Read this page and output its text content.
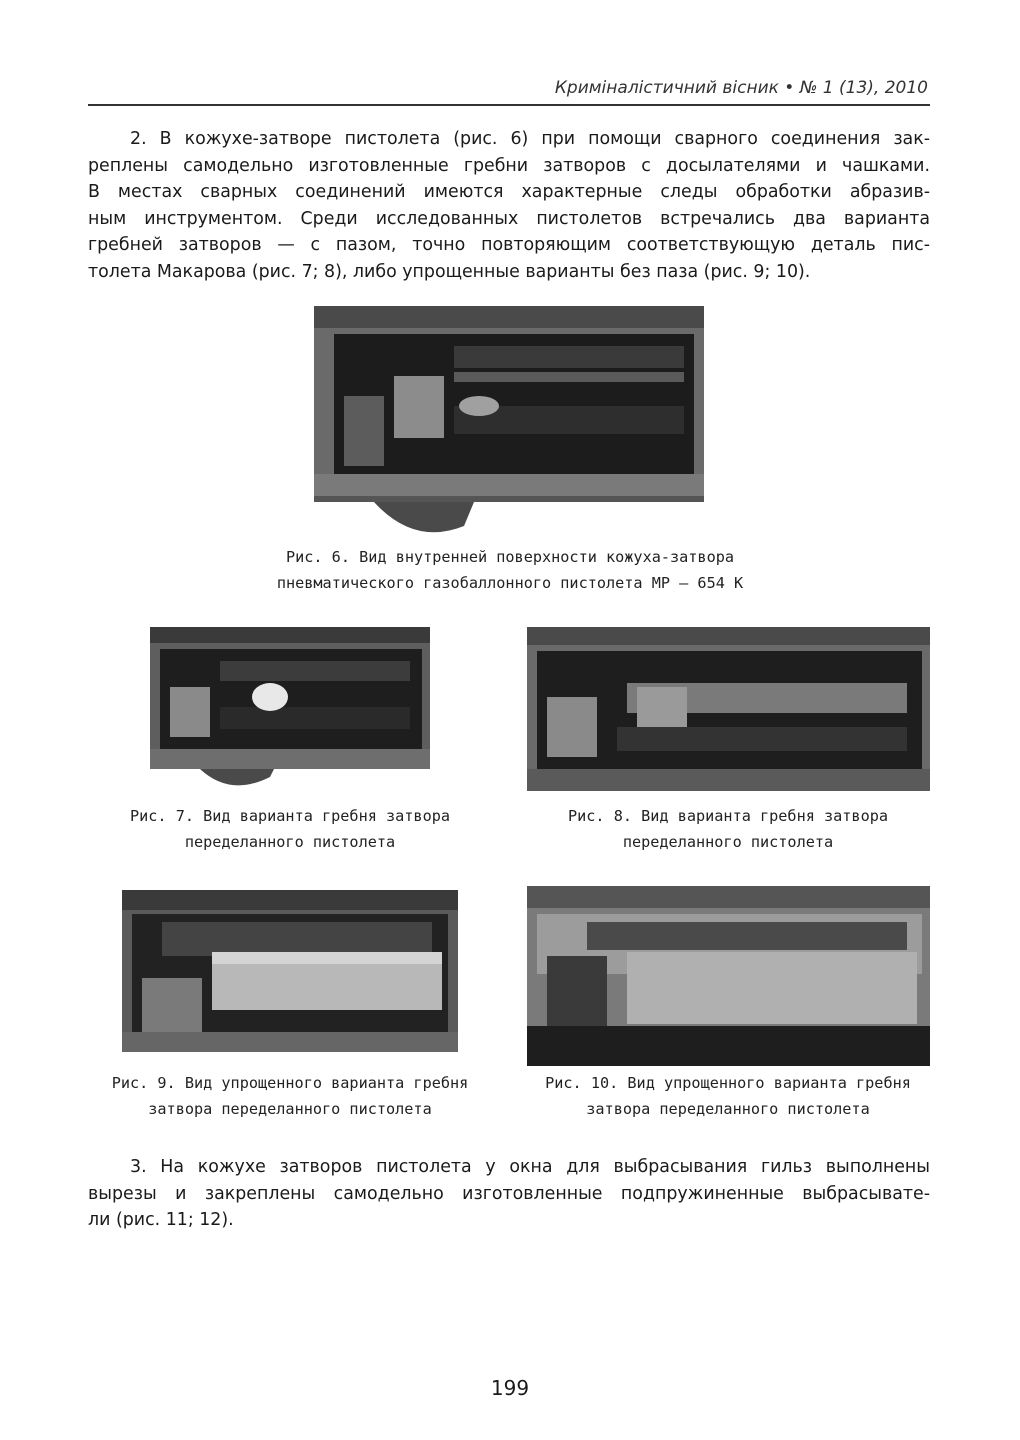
Криміналістичний вісник • № 1 (13), 2010
2. В кожухе-затворе пистолета (рис. 6) при помощи сварного соединения зак-
реплены самодельно изготовленные гребни затворов с досылателями и чашками.
В местах сварных соединений имеются характерные следы обработки абразив-
ным инструментом. Среди исследованных пистолетов встречались два варианта
гребней затворов — с пазом, точно повторяющим соответствующую деталь пис-
толета Макарова (рис. 7; 8), либо упрощенные варианты без паза (рис. 9; 10).
Рис. 6. Вид внутренней поверхности кожуха-затвора
пневматического газобаллонного пистолета МР – 654 К
Рис. 7. Вид варианта гребня затвора
переделанного пистолета
Рис. 8. Вид варианта гребня затвора
переделанного пистолета
Рис. 9. Вид упрощенного варианта гребня
затвора переделанного пистолета
Рис. 10. Вид упрощенного варианта гребня
затвора переделанного пистолета
3. На кожухе затворов пистолета у окна для выбрасывания гильз выполнены
вырезы и закреплены самодельно изготовленные подпружиненные выбрасывате-
ли (рис. 11; 12).
199
